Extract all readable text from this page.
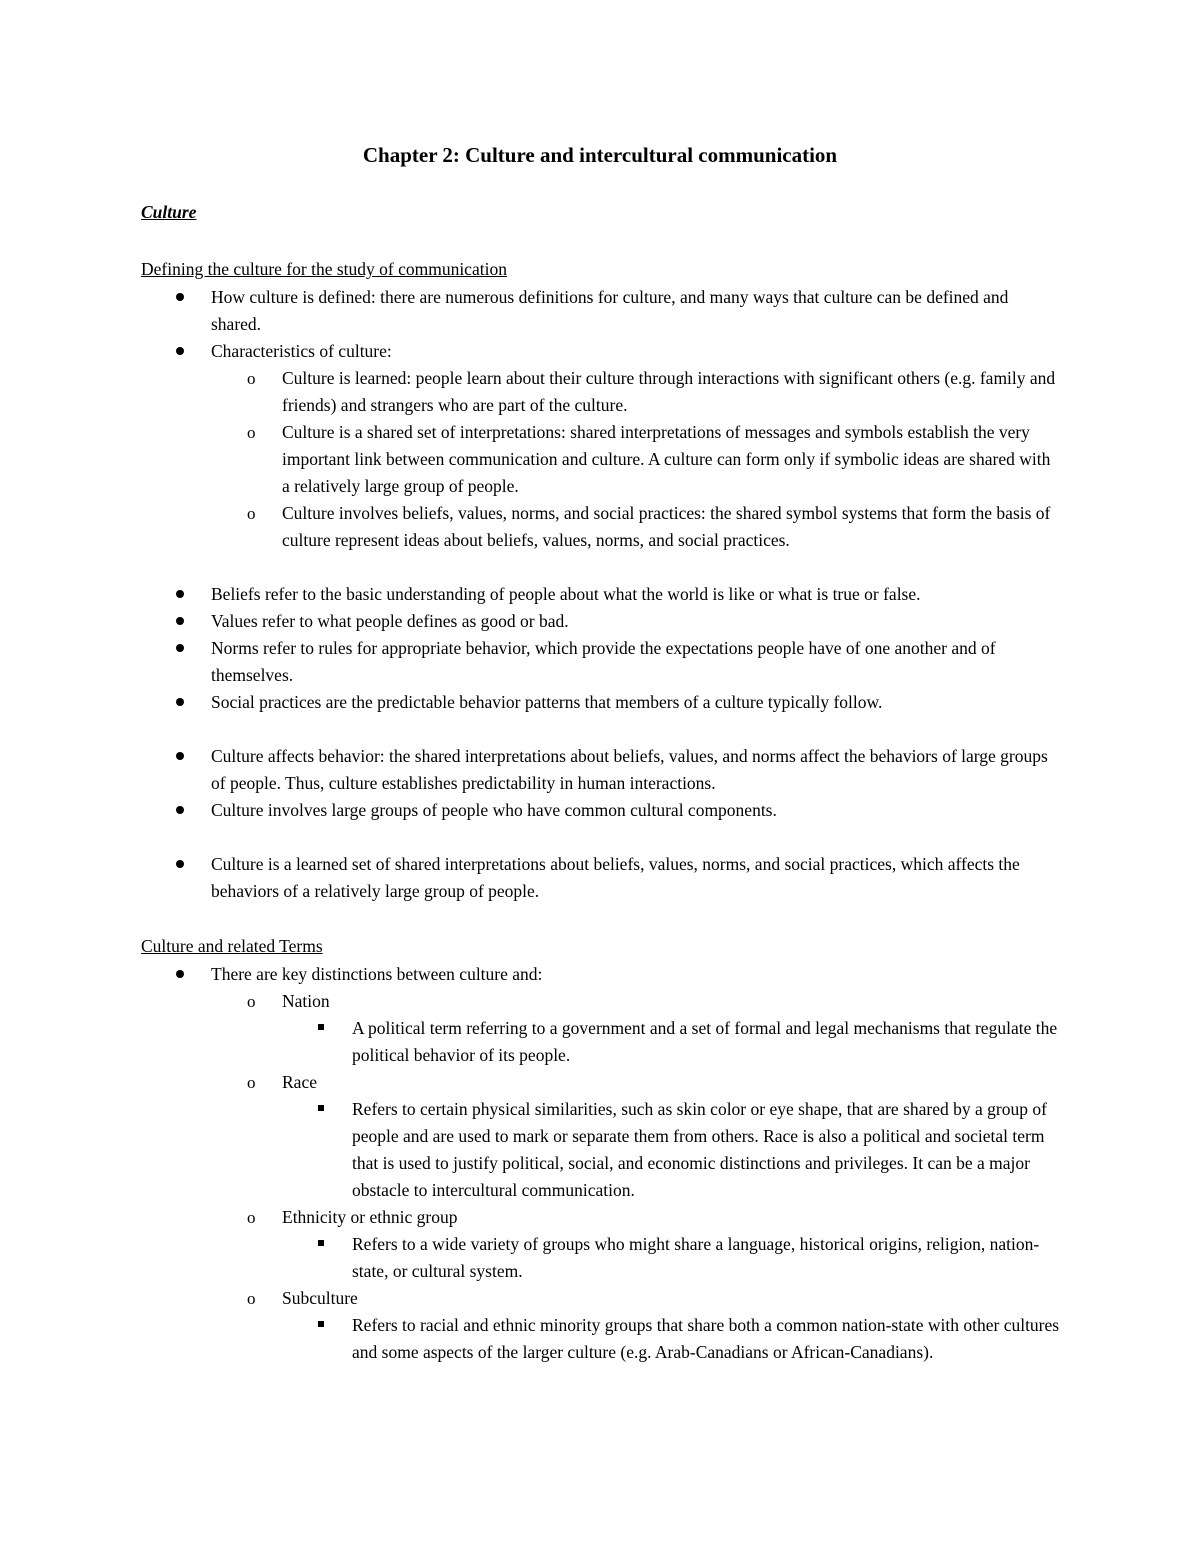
Chapter 2: Culture and intercultural communication
Culture
Defining the culture for the study of communication
How culture is defined: there are numerous definitions for culture, and many ways that culture can be defined and shared.
Characteristics of culture:
o Culture is learned: people learn about their culture through interactions with significant others (e.g. family and friends) and strangers who are part of the culture.
o Culture is a shared set of interpretations: shared interpretations of messages and symbols establish the very important link between communication and culture. A culture can form only if symbolic ideas are shared with a relatively large group of people.
o Culture involves beliefs, values, norms, and social practices: the shared symbol systems that form the basis of culture represent ideas about beliefs, values, norms, and social practices.
Beliefs refer to the basic understanding of people about what the world is like or what is true or false.
Values refer to what people defines as good or bad.
Norms refer to rules for appropriate behavior, which provide the expectations people have of one another and of themselves.
Social practices are the predictable behavior patterns that members of a culture typically follow.
Culture affects behavior: the shared interpretations about beliefs, values, and norms affect the behaviors of large groups of people. Thus, culture establishes predictability in human interactions.
Culture involves large groups of people who have common cultural components.
Culture is a learned set of shared interpretations about beliefs, values, norms, and social practices, which affects the behaviors of a relatively large group of people.
Culture and related Terms
There are key distinctions between culture and:
o Nation
A political term referring to a government and a set of formal and legal mechanisms that regulate the political behavior of its people.
o Race
Refers to certain physical similarities, such as skin color or eye shape, that are shared by a group of people and are used to mark or separate them from others. Race is also a political and societal term that is used to justify political, social, and economic distinctions and privileges. It can be a major obstacle to intercultural communication.
o Ethnicity or ethnic group
Refers to a wide variety of groups who might share a language, historical origins, religion, nation-state, or cultural system.
o Subculture
Refers to racial and ethnic minority groups that share both a common nation-state with other cultures and some aspects of the larger culture (e.g. Arab-Canadians or African-Canadians).
